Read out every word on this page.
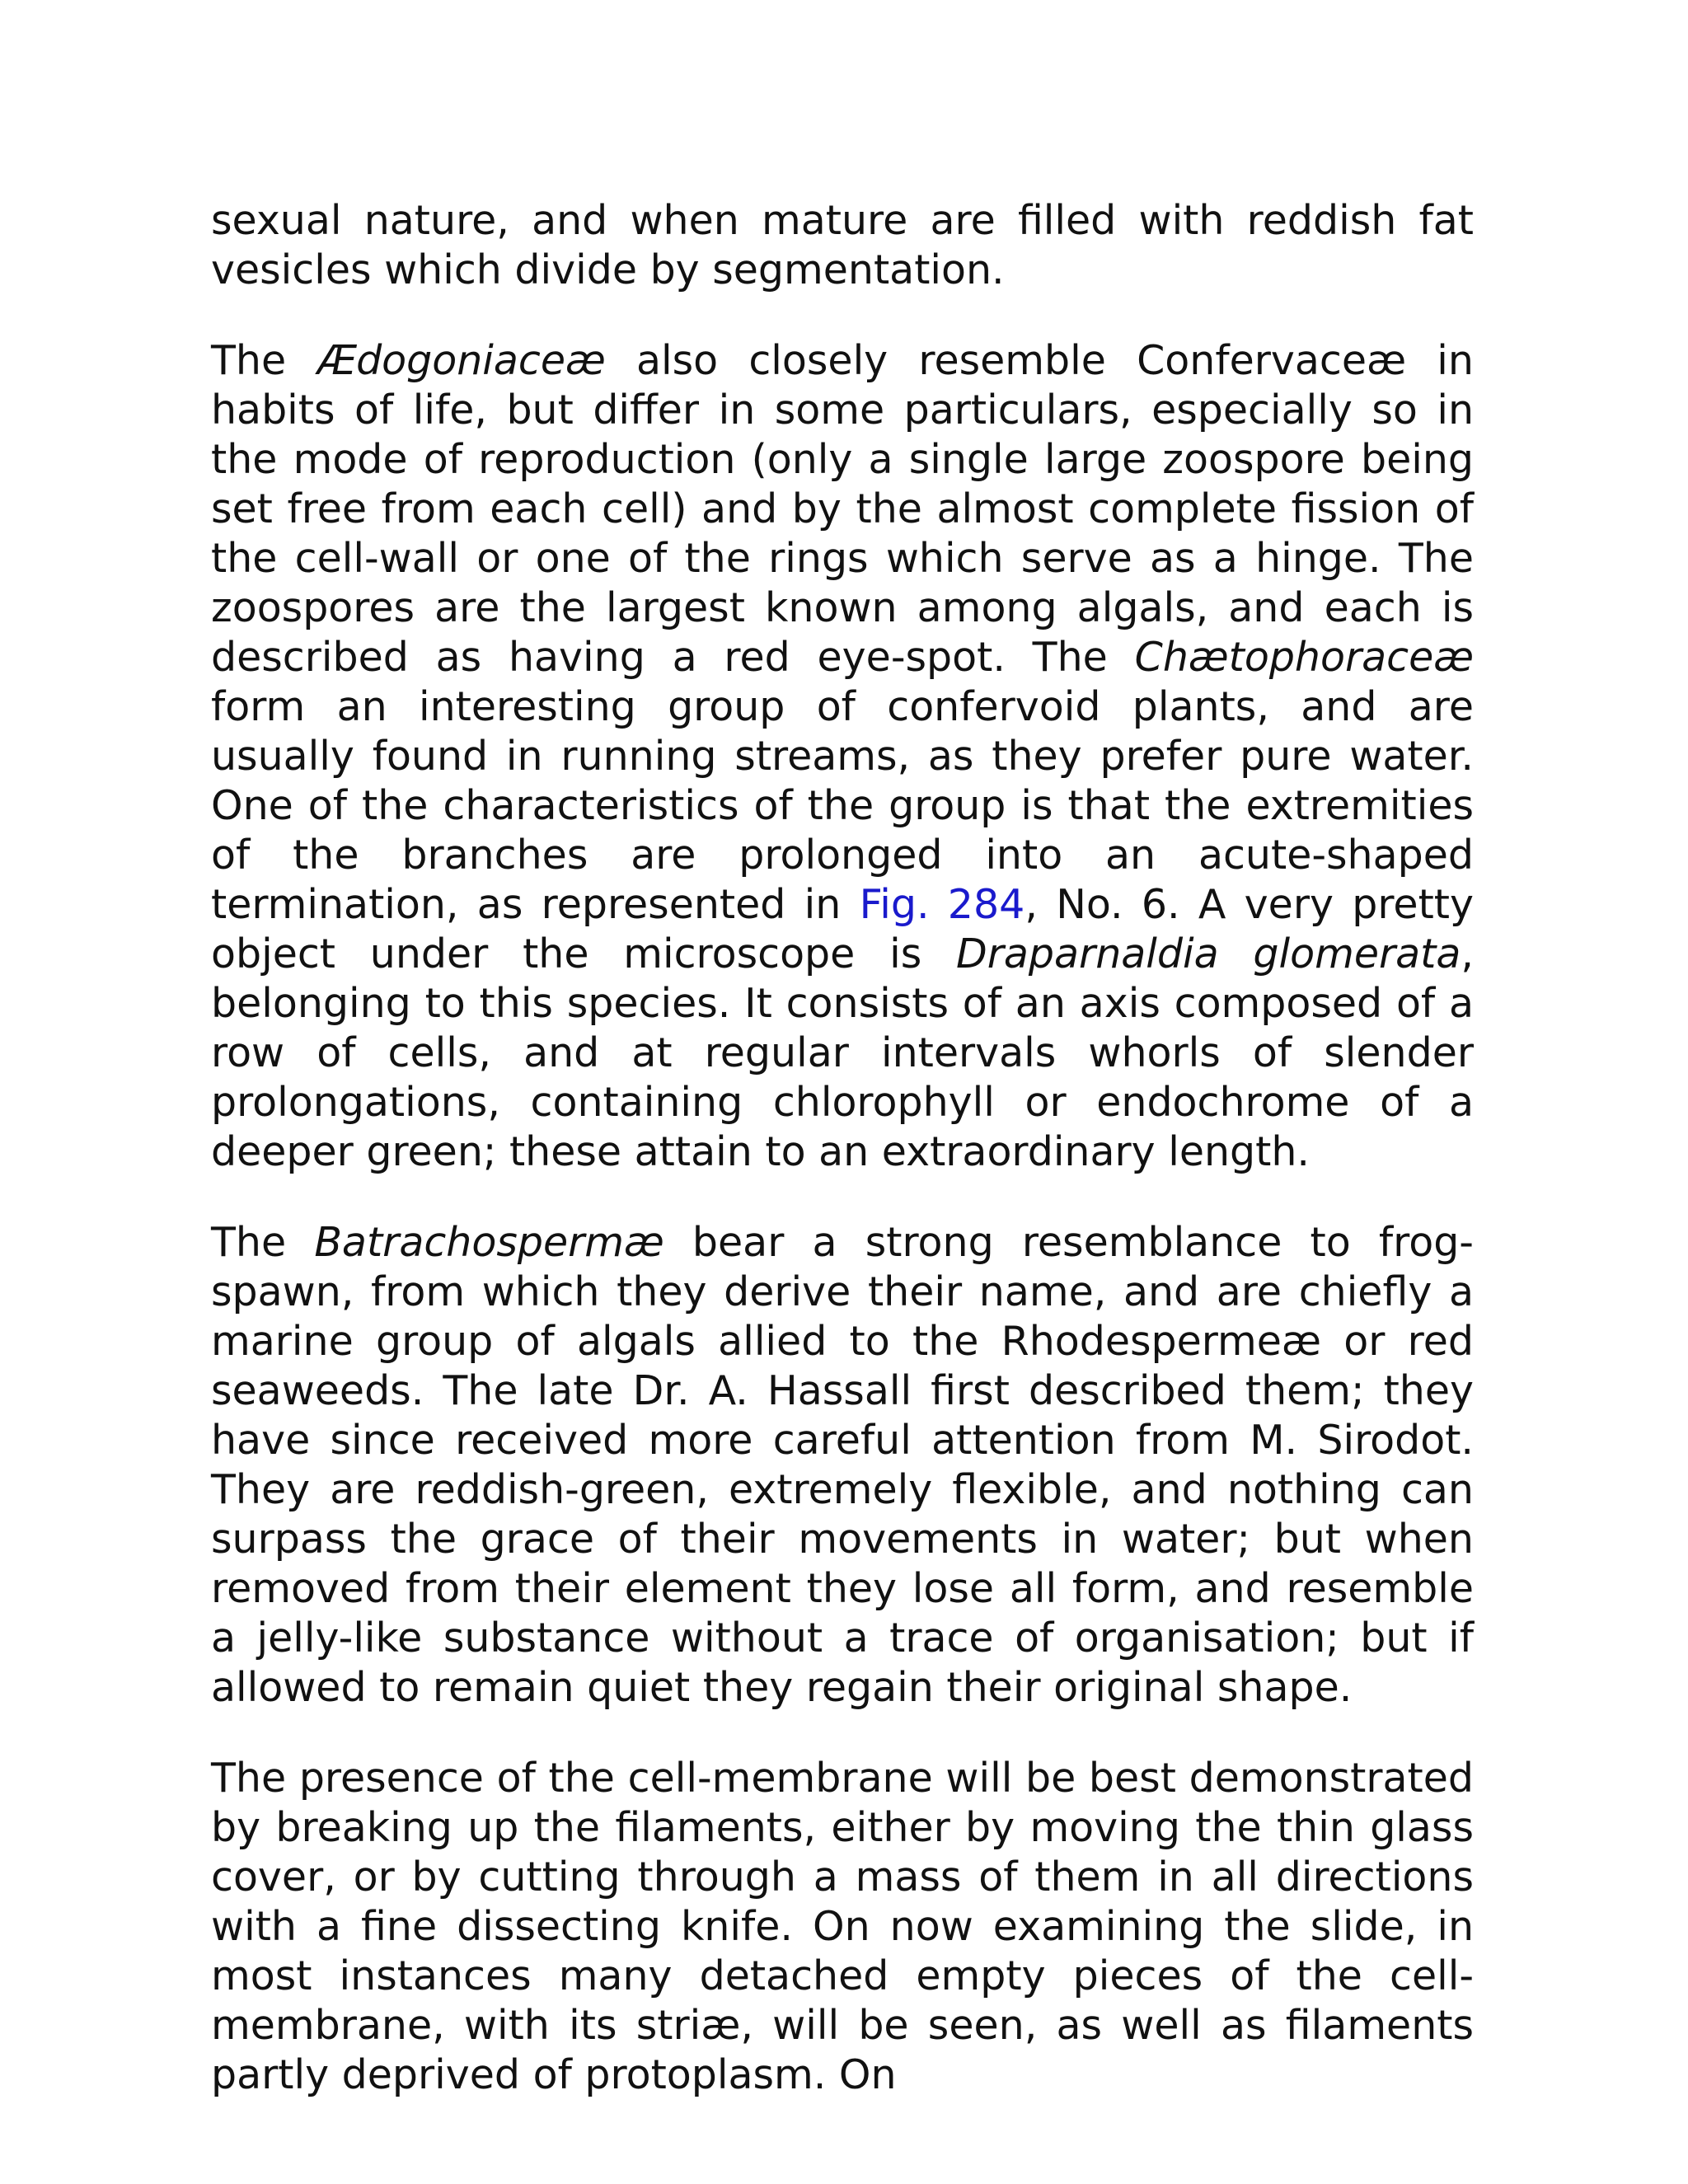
sexual nature, and when mature are filled with reddish fat vesicles which divide by segmentation.

The Ædogoniaceæ also closely resemble Confervaceæ in habits of life, but differ in some particulars, especially so in the mode of reproduction (only a single large zoospore being set free from each cell) and by the almost complete fission of the cell-wall or one of the rings which serve as a hinge. The zoospores are the largest known among algals, and each is described as having a red eye-spot. The Chætophoraceæ form an interesting group of confervoid plants, and are usually found in running streams, as they prefer pure water. One of the characteristics of the group is that the extremities of the branches are prolonged into an acute-shaped termination, as represented in Fig. 284, No. 6. A very pretty object under the microscope is Draparnaldia glomerata, belonging to this species. It consists of an axis composed of a row of cells, and at regular intervals whorls of slender prolongations, containing chlorophyll or endochrome of a deeper green; these attain to an extraordinary length.

The Batrachospermæ bear a strong resemblance to frog-spawn, from which they derive their name, and are chiefly a marine group of algals allied to the Rhodespermeæ or red seaweeds. The late Dr. A. Hassall first described them; they have since received more careful attention from M. Sirodot. They are reddish-green, extremely flexible, and nothing can surpass the grace of their movements in water; but when removed from their element they lose all form, and resemble a jelly-like substance without a trace of organisation; but if allowed to remain quiet they regain their original shape.

The presence of the cell-membrane will be best demonstrated by breaking up the filaments, either by moving the thin glass cover, or by cutting through a mass of them in all directions with a fine dissecting knife. On now examining the slide, in most instances many detached empty pieces of the cell-membrane, with its striæ, will be seen, as well as filaments partly deprived of protoplasm. On
